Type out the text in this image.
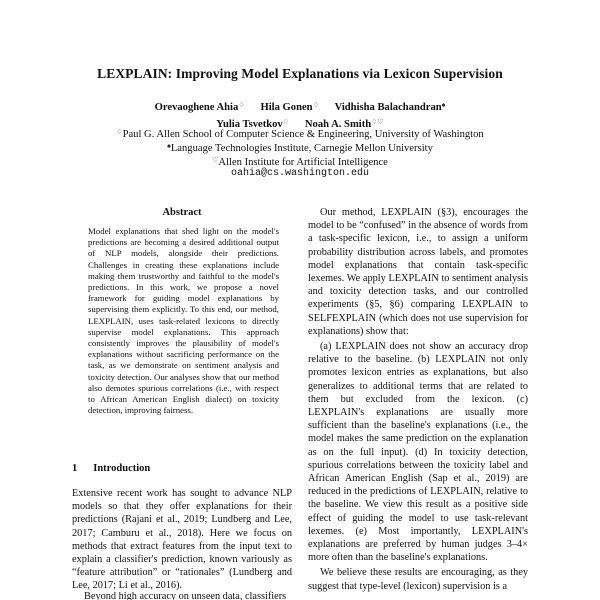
LEXPLAIN: Improving Model Explanations via Lexicon Supervision
Orevaoghene Ahia♢ Hila Gonen♢ Vidhisha Balachandran♠
Yulia Tsvetkov♢ Noah A. Smith♢♡
♢Paul G. Allen School of Computer Science & Engineering, University of Washington
♠Language Technologies Institute, Carnegie Mellon University
♡Allen Institute for Artificial Intelligence
oahia@cs.washington.edu
Abstract
Model explanations that shed light on the model's predictions are becoming a desired additional output of NLP models, alongside their predictions. Challenges in creating these explanations include making them trustworthy and faithful to the model's predictions. In this work, we propose a novel framework for guiding model explanations by supervising them explicitly. To this end, our method, LEXPLAIN, uses task-related lexicons to directly supervise model explanations. This approach consistently improves the plausibility of model's explanations without sacrificing performance on the task, as we demonstrate on sentiment analysis and toxicity detection. Our analyses show that our method also demotes spurious correlations (i.e., with respect to African American English dialect) on toxicity detection, improving fairness.
1 Introduction
Extensive recent work has sought to advance NLP models so that they offer explanations for their predictions (Rajani et al., 2019; Lundberg and Lee, 2017; Camburu et al., 2018). Here we focus on methods that extract features from the input text to explain a classifier's prediction, known variously as “feature attribution” or “rationales” (Lundberg and Lee, 2017; Li et al., 2016).
Beyond high accuracy on unseen data, classifiers

Our method, LEXPLAIN (§3), encourages the model to be “confused” in the absence of words from a task-specific lexicon, i.e., to assign a uniform probability distribution across labels, and promotes model explanations that contain task-specific lexemes. We apply LEXPLAIN to sentiment analysis and toxicity detection tasks, and our controlled experiments (§5, §6) comparing LEXPLAIN to SELFEXPLAIN (which does not use supervision for explanations) show that:

(a) LEXPLAIN does not show an accuracy drop relative to the baseline. (b) LEXPLAIN not only promotes lexicon entries as explanations, but also generalizes to additional terms that are related to them but excluded from the lexicon. (c) LEXPLAIN's explanations are usually more sufficient than the baseline's explanations (i.e., the model makes the same prediction on the explanation as on the full input). (d) In toxicity detection, spurious correlations between the toxicity label and African American English (Sap et al., 2019) are reduced in the predictions of LEXPLAIN, relative to the baseline. We view this result as a positive side effect of guiding the model to use task-relevant lexemes. (e) Most importantly, LEXPLAIN's explanations are preferred by human judges 3–4× more often than the baseline's explanations.

We believe these results are encouraging, as they suggest that type-level (lexicon) supervision is a
